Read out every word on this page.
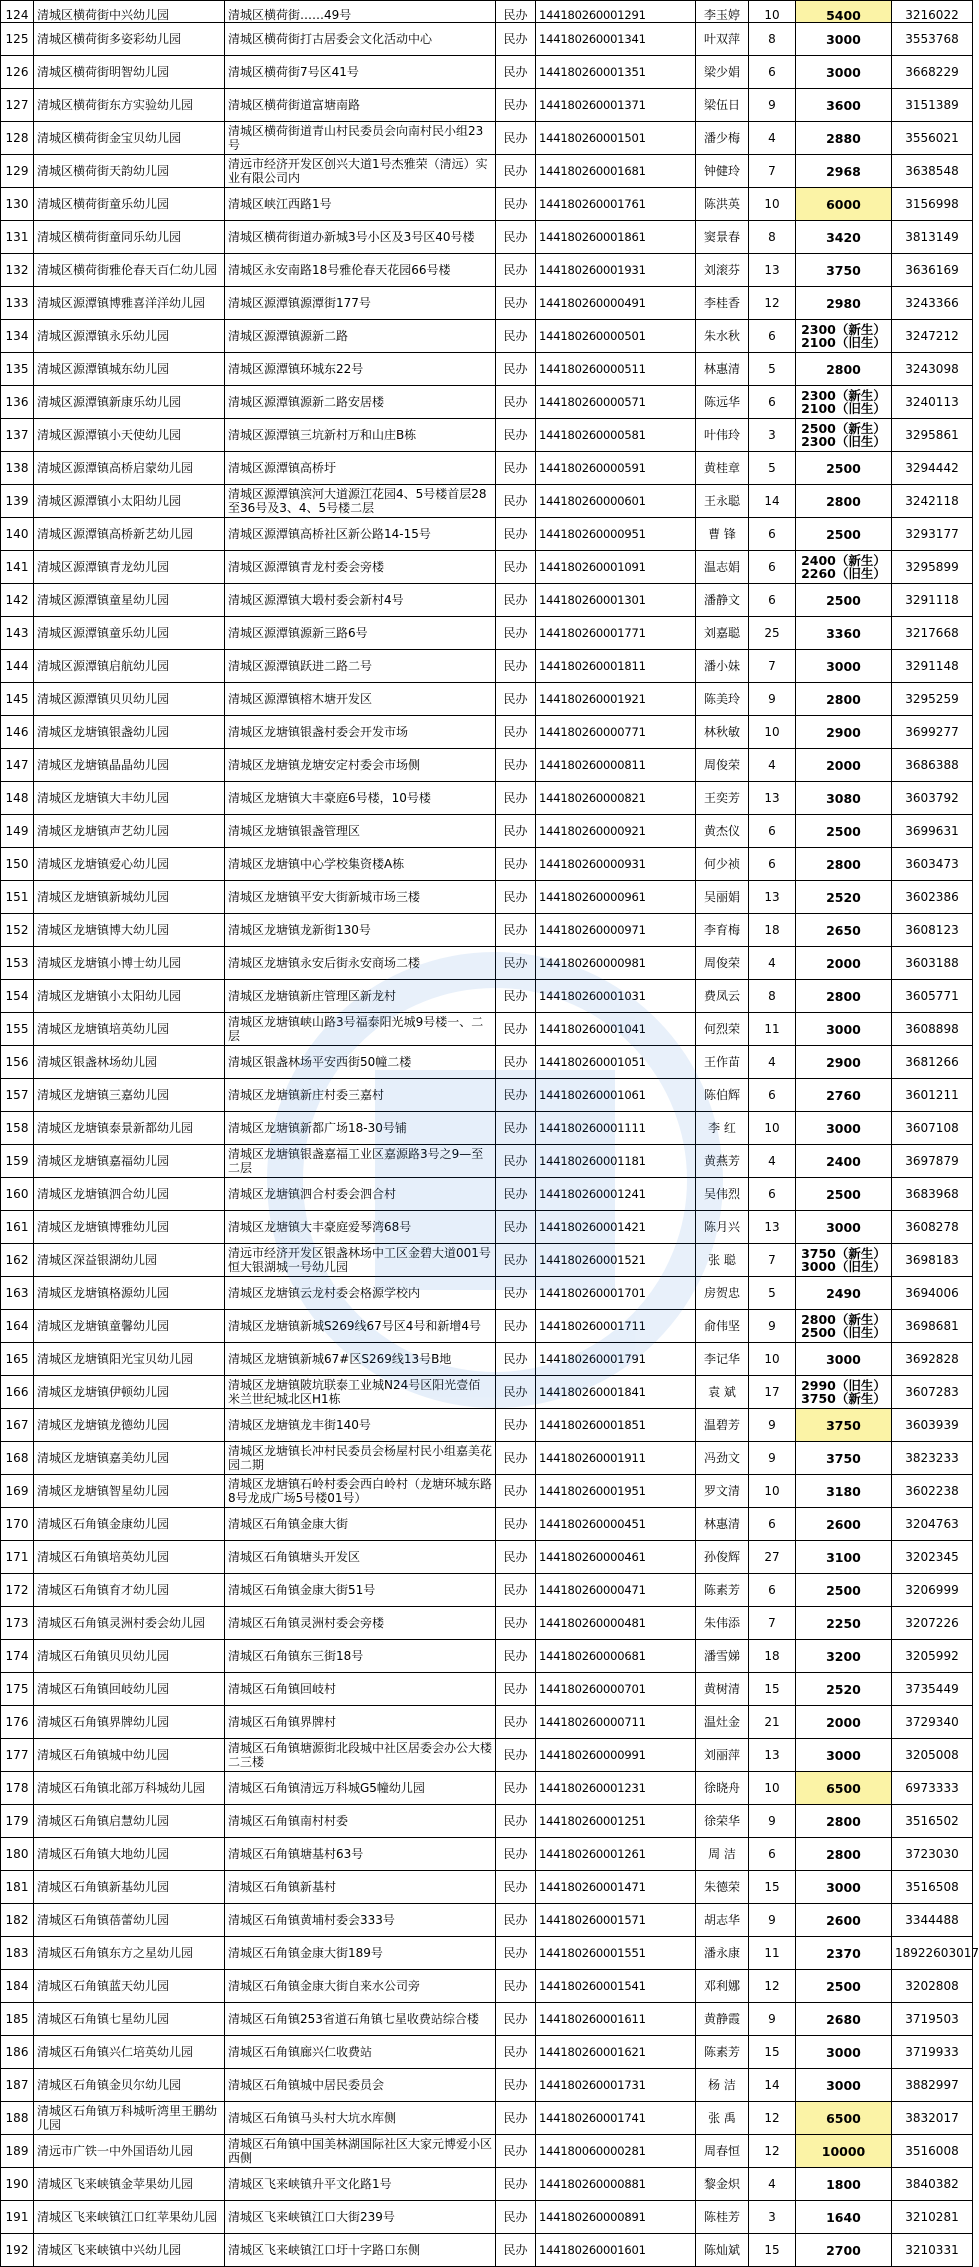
124	清城区横荷街中兴幼儿园	清城区横荷街……49号	民办	144180260001291	李玉婷	10	5400	3216022
125	清城区横荷街多姿彩幼儿园	清城区横荷街打古居委会文化活动中心	民办	144180260001341	叶双萍	8	3000	3553768
126	清城区横荷街明智幼儿园	清城区横荷街7号区41号	民办	144180260001351	梁少娟	6	3000	3668229
127	清城区横荷街东方实验幼儿园	清城区横荷街道富塘南路	民办	144180260001371	梁伍日	9	3600	3151389
128	清城区横荷街金宝贝幼儿园	清城区横荷街道青山村民委员会向南村民小组23号	民办	144180260001501	潘少梅	4	2880	3556021
129	清城区横荷街天韵幼儿园	清远市经济开发区创兴大道1号杰雅荣（清远）实业有限公司内	民办	144180260001681	钟健玲	7	2968	3638548
130	清城区横荷街童乐幼儿园	清城区峡江西路1号	民办	144180260001761	陈洪英	10	6000	3156998
131	清城区横荷街童同乐幼儿园	清城区横荷街道办新城3号小区及3号区40号楼	民办	144180260001861	窦景春	8	3420	3813149
132	清城区横荷街雅伦春天百仁幼儿园	清城区永安南路18号雅伦春天花园66号楼	民办	144180260001931	刘滚芬	13	3750	3636169
133	清城区源潭镇博雅喜洋洋幼儿园	清城区源潭镇源潭街177号	民办	144180260000491	李桂香	12	2980	3243366
134	清城区源潭镇永乐幼儿园	清城区源潭镇源新二路	民办	144180260000501	朱水秋	6	2300（新生）
2100（旧生）	3247212
135	清城区源潭镇城东幼儿园	清城区源潭镇环城东22号	民办	144180260000511	林惠清	5	2800	3243098
136	清城区源潭镇新康乐幼儿园	清城区源潭镇源新二路安居楼	民办	144180260000571	陈远华	6	2300（新生）
2100（旧生）	3240113
137	清城区源潭镇小天使幼儿园	清城区源潭镇三坑新村万和山庄B栋	民办	144180260000581	叶伟玲	3	2500（新生）
2300（旧生）	3295861
138	清城区源潭镇高桥启蒙幼儿园	清城区源潭镇高桥圩	民办	144180260000591	黄桂章	5	2500	3294442
139	清城区源潭镇小太阳幼儿园	清城区源潭镇滨河大道源江花园4、5号楼首层28至36号及3、4、5号楼二层	民办	144180260000601	王永聪	14	2800	3242118
140	清城区源潭镇高桥新艺幼儿园	清城区源潭镇高桥社区新公路14-15号	民办	144180260000951	曹 锋	6	2500	3293177
141	清城区源潭镇青龙幼儿园	清城区源潭镇青龙村委会旁楼	民办	144180260001091	温志娟	6	2400（新生）
2260（旧生）	3295899
142	清城区源潭镇童星幼儿园	清城区源潭镇大塅村委会新村4号	民办	144180260001301	潘静文	6	2500	3291118
143	清城区源潭镇童乐幼儿园	清城区源潭镇源新三路6号	民办	144180260001771	刘嘉聪	25	3360	3217668
144	清城区源潭镇启航幼儿园	清城区源潭镇跃进二路二号	民办	144180260001811	潘小妹	7	3000	3291148
145	清城区源潭镇贝贝幼儿园	清城区源潭镇榕木塘开发区	民办	144180260001921	陈美玲	9	2800	3295259
146	清城区龙塘镇银盏幼儿园	清城区龙塘镇银盏村委会开发市场	民办	144180260000771	林秋敏	10	2900	3699277
147	清城区龙塘镇晶晶幼儿园	清城区龙塘镇龙塘安定村委会市场侧	民办	144180260000811	周俊荣	4	2000	3686388
148	清城区龙塘镇大丰幼儿园	清城区龙塘镇大丰豪庭6号楼，10号楼	民办	144180260000821	王奕芳	13	3080	3603792
149	清城区龙塘镇声艺幼儿园	清城区龙塘镇银盏管理区	民办	144180260000921	黄杰仪	6	2500	3699631
150	清城区龙塘镇爱心幼儿园	清城区龙塘镇中心学校集资楼A栋	民办	144180260000931	何少祯	6	2800	3603473
151	清城区龙塘镇新城幼儿园	清城区龙塘镇平安大街新城市场三楼	民办	144180260000961	吴丽娟	13	2520	3602386
152	清城区龙塘镇博大幼儿园	清城区龙塘镇龙新街130号	民办	144180260000971	李育梅	18	2650	3608123
153	清城区龙塘镇小博士幼儿园	清城区龙塘镇永安后街永安商场二楼	民办	144180260000981	周俊荣	4	2000	3603188
154	清城区龙塘镇小太阳幼儿园	清城区龙塘镇新庄管理区新龙村	民办	144180260001031	费凤云	8	2800	3605771
155	清城区龙塘镇培英幼儿园	清城区龙塘镇峡山路3号福泰阳光城9号楼一、二层	民办	144180260001041	何烈荣	11	3000	3608898
156	清城区银盏林场幼儿园	清城区银盏林场平安西街50幢二楼	民办	144180260001051	王作苗	4	2900	3681266
157	清城区龙塘镇三嘉幼儿园	清城区龙塘镇新庄村委三嘉村	民办	144180260001061	陈伯辉	6	2760	3601211
158	清城区龙塘镇泰景新都幼儿园	清城区龙塘镇新都广场18-30号铺	民办	144180260001111	李 红	10	3000	3607108
159	清城区龙塘镇嘉福幼儿园	清城区龙塘镇银盏嘉福工业区嘉源路3号之9—至二层	民办	144180260001181	黄燕芳	4	2400	3697879
160	清城区龙塘镇泗合幼儿园	清城区龙塘镇泗合村委会泗合村	民办	144180260001241	吴伟烈	6	2500	3683968
161	清城区龙塘镇博雅幼儿园	清城区龙塘镇大丰豪庭爱琴湾68号	民办	144180260001421	陈月兴	13	3000	3608278
162	清城区深益银湖幼儿园	清远市经济开发区银盏林场中工区金碧大道001号恒大银湖城一号幼儿园	民办	144180260001521	张 聪	7	3750（新生）
3000（旧生）	3698183
163	清城区龙塘镇格源幼儿园	清城区龙塘镇云龙村委会格源学校内	民办	144180260001701	房贺忠	5	2490	3694006
164	清城区龙塘镇童馨幼儿园	清城区龙塘镇新城S269线67号区4号和新增4号	民办	144180260001711	俞伟坚	9	2800（新生）
2500（旧生）	3698681
165	清城区龙塘镇阳光宝贝幼儿园	清城区龙塘镇新城67#区S269线13号B地	民办	144180260001791	李记华	10	3000	3692828
166	清城区龙塘镇伊顿幼儿园	清城区龙塘镇陂坑联泰工业城N24号区阳光壹佰米兰世纪城北区H1栋	民办	144180260001841	袁 斌	17	2990（旧生）
3750（新生）	3607283
167	清城区龙塘镇龙德幼儿园	清城区龙塘镇龙丰街140号	民办	144180260001851	温碧芳	9	3750	3603939
168	清城区龙塘镇嘉美幼儿园	清城区龙塘镇长冲村民委员会杨屋村民小组嘉美花园二期	民办	144180260001911	冯劲文	9	3750	3823233
169	清城区龙塘镇智星幼儿园	清城区龙塘镇石岭村委会西白岭村（龙塘环城东路8号龙成广场5号楼01号）	民办	144180260001951	罗文清	10	3180	3602238
170	清城区石角镇金康幼儿园	清城区石角镇金康大街	民办	144180260000451	林惠清	6	2600	3204763
171	清城区石角镇培英幼儿园	清城区石角镇塘头开发区	民办	144180260000461	孙俊辉	27	3100	3202345
172	清城区石角镇育才幼儿园	清城区石角镇金康大街51号	民办	144180260000471	陈素芳	6	2500	3206999
173	清城区石角镇灵洲村委会幼儿园	清城区石角镇灵洲村委会旁楼	民办	144180260000481	朱伟添	7	2250	3207226
174	清城区石角镇贝贝幼儿园	清城区石角镇东三街18号	民办	144180260000681	潘雪娣	18	3200	3205992
175	清城区石角镇回岐幼儿园	清城区石角镇回岐村	民办	144180260000701	黄树清	15	2520	3735449
176	清城区石角镇界牌幼儿园	清城区石角镇界牌村	民办	144180260000711	温灶金	21	2000	3729340
177	清城区石角镇城中幼儿园	清城区石角镇塘源街北段城中社区居委会办公大楼二三楼	民办	144180260000991	刘丽萍	13	3000	3205008
178	清城区石角镇北部万科城幼儿园	清城区石角镇清远万科城G5幢幼儿园	民办	144180260001231	徐晓舟	10	6500	6973333
179	清城区石角镇启慧幼儿园	清城区石角镇南村村委	民办	144180260001251	徐荣华	9	2800	3516502
180	清城区石角镇大地幼儿园	清城区石角镇塘基村63号	民办	144180260001261	周 洁	6	2800	3723030
181	清城区石角镇新基幼儿园	清城区石角镇新基村	民办	144180260001471	朱德荣	15	3000	3516508
182	清城区石角镇蓓蕾幼儿园	清城区石角镇黄埔村委会333号	民办	144180260001571	胡志华	9	2600	3344488
183	清城区石角镇东方之星幼儿园	清城区石角镇金康大街189号	民办	144180260001551	潘永康	11	2370	18922603017
184	清城区石角镇蓝天幼儿园	清城区石角镇金康大街自来水公司旁	民办	144180260001541	邓利娜	12	2500	3202808
185	清城区石角镇七星幼儿园	清城区石角镇253省道石角镇七星收费站综合楼	民办	144180260001611	黄静霞	9	2680	3719503
186	清城区石角镇兴仁培英幼儿园	清城区石角镇廊兴仁收费站	民办	144180260001621	陈素芳	15	3000	3719933
187	清城区石角镇金贝尔幼儿园	清城区石角镇城中居民委员会	民办	144180260001731	杨 洁	14	3000	3882997
188	清城区石角镇万科城听湾里王鹏幼儿园	清城区石角镇马头村大坑水库侧	民办	144180260001741	张 禹	12	6500	3832017
189	清远市广铁一中外国语幼儿园	清城区石角镇中国美林湖国际社区大家元博爱小区西侧	民办	144180060000281	周春恒	12	10000	3516008
190	清城区飞来峡镇金苹果幼儿园	清城区飞来峡镇升平文化路1号	民办	144180260000881	黎金炽	4	1800	3840382
191	清城区飞来峡镇江口红苹果幼儿园	清城区飞来峡镇江口大街239号	民办	144180260000891	陈桂芳	3	1640	3210281
192	清城区飞来峡镇中兴幼儿园	清城区飞来峡镇江口圩十字路口东侧	民办	144180260001601	陈灿斌	15	2700	3210331
